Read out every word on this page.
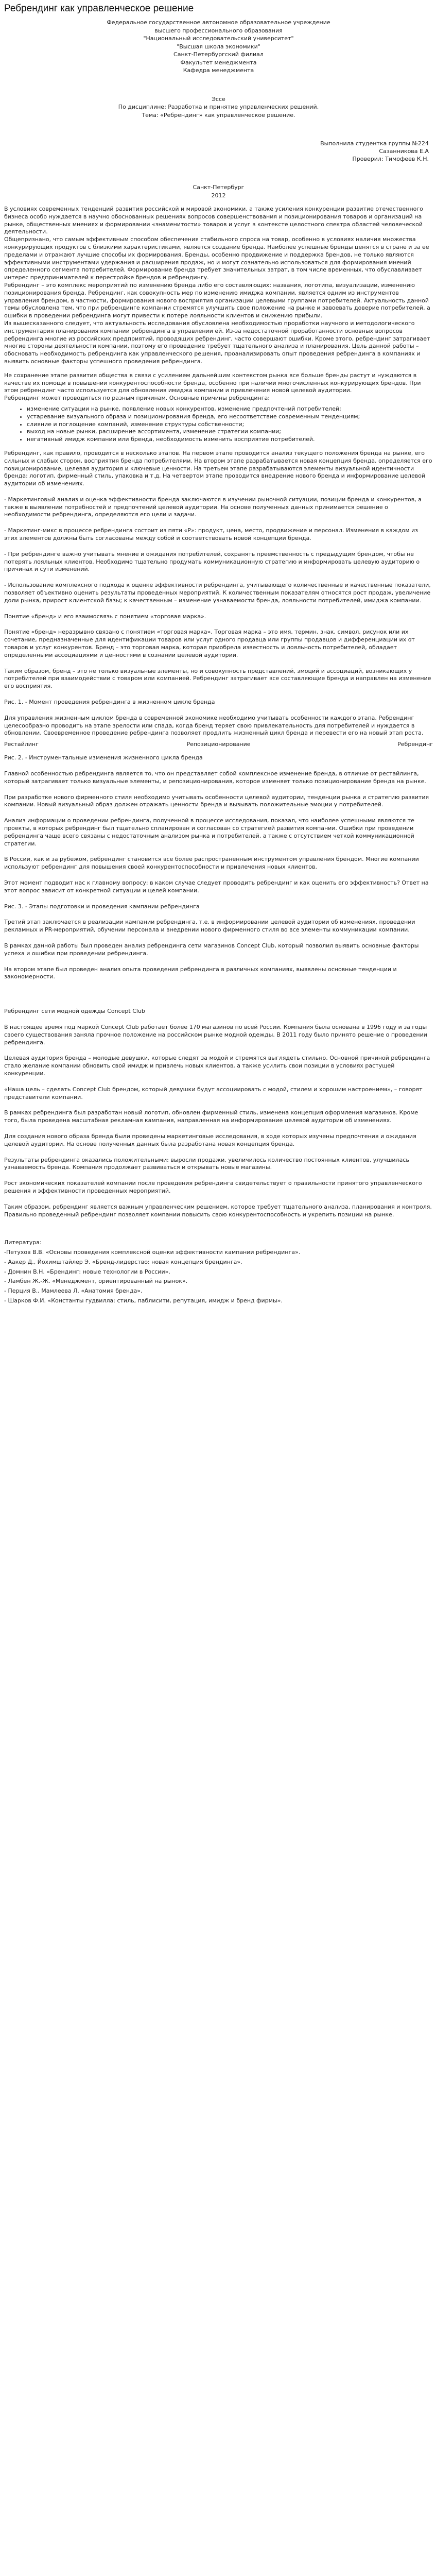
Ребрендинг как управленческое решение
Федеральное государственное автономное образовательное учреждение
высшего профессионального образования
"Национальный исследовательский университет"
"Высшая школа экономики"
Санкт-Петербургский филиал
Факультет менеджмента
Кафедра менеджмента
Эссе
По дисциплине: Разработка и принятие управленческих решений.
Тема: «Ребрендинг» как управленческое решение.
Выполнила студентка группы №224
Сазанникова Е.А
Проверил: Тимофеев К.Н.
Санкт-Петербург
2012

В условиях современных тенденций развития российской и мировой экономики, а также усиления конкуренции развитие отечественного бизнеса особо нуждается в научно обоснованных решениях вопросов совершенствования и позиционирования товаров и организаций на рынке, общественных мнениях и формировании «знаменитости» товаров и услуг в контексте целостного спектра областей человеческой деятельности.

Общепризнано, что самым эффективным способом обеспечения стабильного спроса на товар, особенно в условиях наличия множества конкурирующих продуктов с близкими характеристиками, является создание бренда. Наиболее успешные бренды ценятся в стране и за ее пределами и отражают лучшие способы их формирования. Бренды, особенно продвижение и поддержка брендов, не только являются эффективными инструментами удержания и расширения продаж, но и могут сознательно использоваться для формирования мнений определенного сегмента потребителей. Формирование бренда требует значительных затрат, в том числе временных, что обуславливает интерес предпринимателей к перестройке брендов и ребрендингу.

Ребрендинг – это комплекс мероприятий по изменению бренда либо его составляющих: названия, логотипа, визуализации, изменению позиционирования бренда. Ребрендинг, как совокупность мер по изменению имиджа компании, является одним из инструментов управления брендом, в частности, формирования нового восприятия организации целевыми группами потребителей. Актуальность данной темы обусловлена тем, что при ребрендинге компании стремятся улучшить свое положение на рынке и завоевать доверие потребителей, а ошибки в проведении ребрендинга могут привести к потере лояльности клиентов и снижению прибыли.

Из вышесказанного следует, что актуальность исследования обусловлена необходимостью проработки научного и методологического инструментария планирования компании ребрендинга в управлении ей. Из-за недостаточной проработанности основных вопросов ребрендинга многие из российских предприятий, проводящих ребрендинг, часто совершают ошибки. Кроме этого, ребрендинг затрагивает многие стороны деятельности компании, поэтому его проведение требует тщательного анализа и планирования. Цель данной работы – обосновать необходимость ребрендинга как управленческого решения, проанализировать опыт проведения ребрендинга в компаниях и выявить основные факторы успешного проведения ребрендинга.

Не сохранение этапе развития общества в связи с усилением дальнейшим контекстом рынка все больше бренды растут и нуждаются в качестве их помощи в повышении конкурентоспособности бренда, особенно при наличии многочисленных конкурирующих брендов. При этом ребрендинг часто используется для обновления имиджа компании и привлечения новой целевой аудитории.

Ребрендинг может проводиться по разным причинам. Основные причины ребрендинга:

• изменение ситуации на рынке, появление новых конкурентов, изменение предпочтений потребителей;
• устаревание визуального образа и позиционирования бренда, его несоответствие современным тенденциям;
• слияние и поглощение компаний, изменение структуры собственности;
• выход на новые рынки, расширение ассортимента, изменение стратегии компании;
• негативный имидж компании или бренда, необходимость изменить восприятие потребителей.

Ребрендинг, как правило, проводится в несколько этапов. На первом этапе проводится анализ текущего положения бренда на рынке, его сильных и слабых сторон, восприятия бренда потребителями. На втором этапе разрабатывается новая концепция бренда, определяется его позиционирование, целевая аудитория и ключевые ценности. На третьем этапе разрабатываются элементы визуальной идентичности бренда: логотип, фирменный стиль, упаковка и т.д. На четвертом этапе проводится внедрение нового бренда и информирование целевой аудитории об изменениях.

- Маркетинговый анализ и оценка эффективности бренда заключаются в изучении рыночной ситуации, позиции бренда и конкурентов, а также в выявлении потребностей и предпочтений целевой аудитории. На основе полученных данных принимается решение о необходимости ребрендинга, определяются его цели и задачи.

- Маркетинг-микс в процессе ребрендинга состоит из пяти «P»: продукт, цена, место, продвижение и персонал. Изменения в каждом из этих элементов должны быть согласованы между собой и соответствовать новой концепции бренда.

- При ребрендинге важно учитывать мнение и ожидания потребителей, сохранять преемственность с предыдущим брендом, чтобы не потерять лояльных клиентов. Необходимо тщательно продумать коммуникационную стратегию и информировать целевую аудиторию о причинах и сути изменений.

- Использование комплексного подхода к оценке эффективности ребрендинга, учитывающего количественные и качественные показатели, позволяет объективно оценить результаты проведенных мероприятий. К количественным показателям относятся рост продаж, увеличение доли рынка, прирост клиентской базы; к качественным – изменение узнаваемости бренда, лояльности потребителей, имиджа компании.

Понятие «бренд» и его взаимосвязь с понятием «торговая марка».

Понятие «бренд» неразрывно связано с понятием «торговая марка». Торговая марка – это имя, термин, знак, символ, рисунок или их сочетание, предназначенные для идентификации товаров или услуг одного продавца или группы продавцов и дифференциации их от товаров и услуг конкурентов. Бренд – это торговая марка, которая приобрела известность и лояльность потребителей, обладает определенными ассоциациями и ценностями в сознании целевой аудитории.

Таким образом, бренд – это не только визуальные элементы, но и совокупность представлений, эмоций и ассоциаций, возникающих у потребителей при взаимодействии с товаром или компанией. Ребрендинг затрагивает все составляющие бренда и направлен на изменение его восприятия.

Рис. 1. - Момент проведения ребрендинга в жизненном цикле бренда

Для управления жизненным циклом бренда в современной экономике необходимо учитывать особенности каждого этапа. Ребрендинг целесообразно проводить на этапе зрелости или спада, когда бренд теряет свою привлекательность для потребителей и нуждается в обновлении. Своевременное проведение ребрендинга позволяет продлить жизненный цикл бренда и перевести его на новый этап роста.

Рестайлинг	Репозиционирование	Ребрендинг

Рис. 2. - Инструментальные изменения жизненного цикла бренда

Главной особенностью ребрендинга является то, что он представляет собой комплексное изменение бренда, в отличие от рестайлинга, который затрагивает только визуальные элементы, и репозиционирования, которое изменяет только позиционирование бренда на рынке.

При разработке нового фирменного стиля необходимо учитывать особенности целевой аудитории, тенденции рынка и стратегию развития компании. Новый визуальный образ должен отражать ценности бренда и вызывать положительные эмоции у потребителей.

Анализ информации о проведении ребрендинга, полученной в процессе исследования, показал, что наиболее успешными являются те проекты, в которых ребрендинг был тщательно спланирован и согласован со стратегией развития компании. Ошибки при проведении ребрендинга чаще всего связаны с недостаточным анализом рынка и потребителей, а также с отсутствием четкой коммуникационной стратегии.

В России, как и за рубежом, ребрендинг становится все более распространенным инструментом управления брендом. Многие компании используют ребрендинг для повышения своей конкурентоспособности и привлечения новых клиентов.

Этот момент подводит нас к главному вопросу: в каком случае следует проводить ребрендинг и как оценить его эффективность? Ответ на этот вопрос зависит от конкретной ситуации и целей компании.

Рис. 3. - Этапы подготовки и проведения кампании ребрендинга

Третий этап заключается в реализации кампании ребрендинга, т.е. в информировании целевой аудитории об изменениях, проведении рекламных и PR-мероприятий, обучении персонала и внедрении нового фирменного стиля во все элементы коммуникации компании.

В рамках данной работы был проведен анализ ребрендинга сети магазинов Concept Club, который позволил выявить основные факторы успеха и ошибки при проведении ребрендинга.

На втором этапе был проведен анализ опыта проведения ребрендинга в различных компаниях, выявлены основные тенденции и закономерности.

Ребрендинг сети модной одежды Concept Club

В настоящее время под маркой Concept Club работает более 170 магазинов по всей России. Компания была основана в 1996 году и за годы своего существования заняла прочное положение на российском рынке модной одежды. В 2011 году было принято решение о проведении ребрендинга.

Целевая аудитория бренда – молодые девушки, которые следят за модой и стремятся выглядеть стильно. Основной причиной ребрендинга стало желание компании обновить свой имидж и привлечь новых клиентов, а также усилить свои позиции в условиях растущей конкуренции.

«Наша цель – сделать Concept Club брендом, который девушки будут ассоциировать с модой, стилем и хорошим настроением», – говорят представители компании.

В рамках ребрендинга был разработан новый логотип, обновлен фирменный стиль, изменена концепция оформления магазинов. Кроме того, была проведена масштабная рекламная кампания, направленная на информирование целевой аудитории об изменениях.

Для создания нового образа бренда были проведены маркетинговые исследования, в ходе которых изучены предпочтения и ожидания целевой аудитории. На основе полученных данных была разработана новая концепция бренда.

Результаты ребрендинга оказались положительными: выросли продажи, увеличилось количество постоянных клиентов, улучшилась узнаваемость бренда. Компания продолжает развиваться и открывать новые магазины.

Рост экономических показателей компании после проведения ребрендинга свидетельствует о правильности принятого управленческого решения и эффективности проведенных мероприятий.

Таким образом, ребрендинг является важным управленческим решением, которое требует тщательного анализа, планирования и контроля. Правильно проведенный ребрендинг позволяет компании повысить свою конкурентоспособность и укрепить позиции на рынке.

Литература:
-Петухов В.В. «Основы проведения комплексной оценки эффективности кампании ребрендинга».
- Аакер Д., Йохимштайлер Э. «Бренд-лидерство: новая концепция брендинга».
- Домнин В.Н. «Брендинг: новые технологии в России».
- Ламбен Ж.-Ж. «Менеджмент, ориентированный на рынок».
- Перция В., Мамлеева Л. «Анатомия бренда».
- Шарков Ф.И. «Константы гудвилла: стиль, паблисити, репутация, имидж и бренд фирмы».
